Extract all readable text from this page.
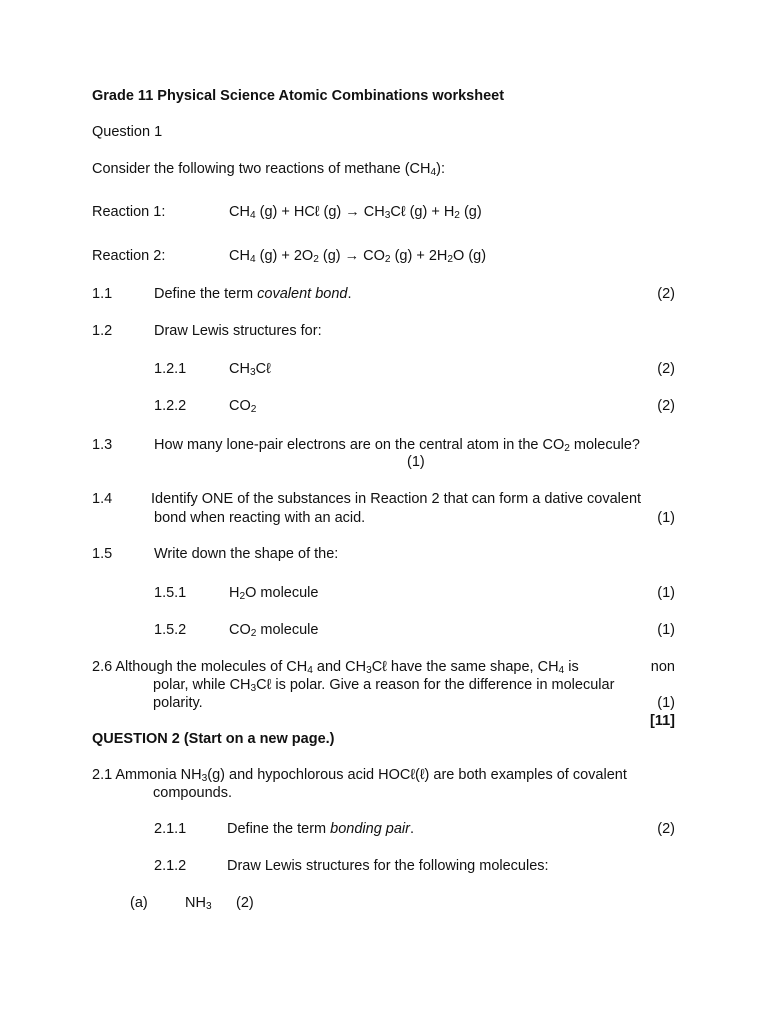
Grade 11 Physical Science Atomic Combinations worksheet
Question 1
Consider the following two reactions of methane $(CH_4)$:
Reaction 1:	$CH_4$ (g) + HCℓ $(g) \to CH_3C\ell$ $(g) + H_2$ (g)
Reaction 2:	$CH_4$ $(g) + 2O_2$ $(g) \to CO_2$ $(g) + 2H_2O$ (g)
1.1	Define the term covalent bond.	(2)
1.2	Draw Lewis structures for:
1.2.1	$CH_3C\ell$	(2)
1.2.2	$CO_2$	(2)
1.3	How many lone-pair electrons are on the central atom in the $CO_2$ molecule?
(1)
1.4	Identify ONE of the substances in Reaction 2 that can form a dative covalent
bond when reacting with an acid.	(1)
1.5	Write down the shape of the:
1.5.1	$H_2O$ molecule	(1)
1.5.2	$CO_2$ molecule	(1)
2.6 Although the molecules of $CH_4$ and $CH_3C\ell$ have the same shape, $CH_4$ is	non
polar, while $CH_3C\ell$ is polar. Give a reason for the difference in molecular
polarity.	(1)
[11]
QUESTION 2 (Start on a new page.)
2.1 Ammonia $NH_3(g)$ and hypochlorous acid HOCℓ(ℓ) are both examples of covalent
compounds.
2.1.1	Define the term bonding pair.	(2)
2.1.2	Draw Lewis structures for the following molecules:
(a)	$NH_3$ (2)
